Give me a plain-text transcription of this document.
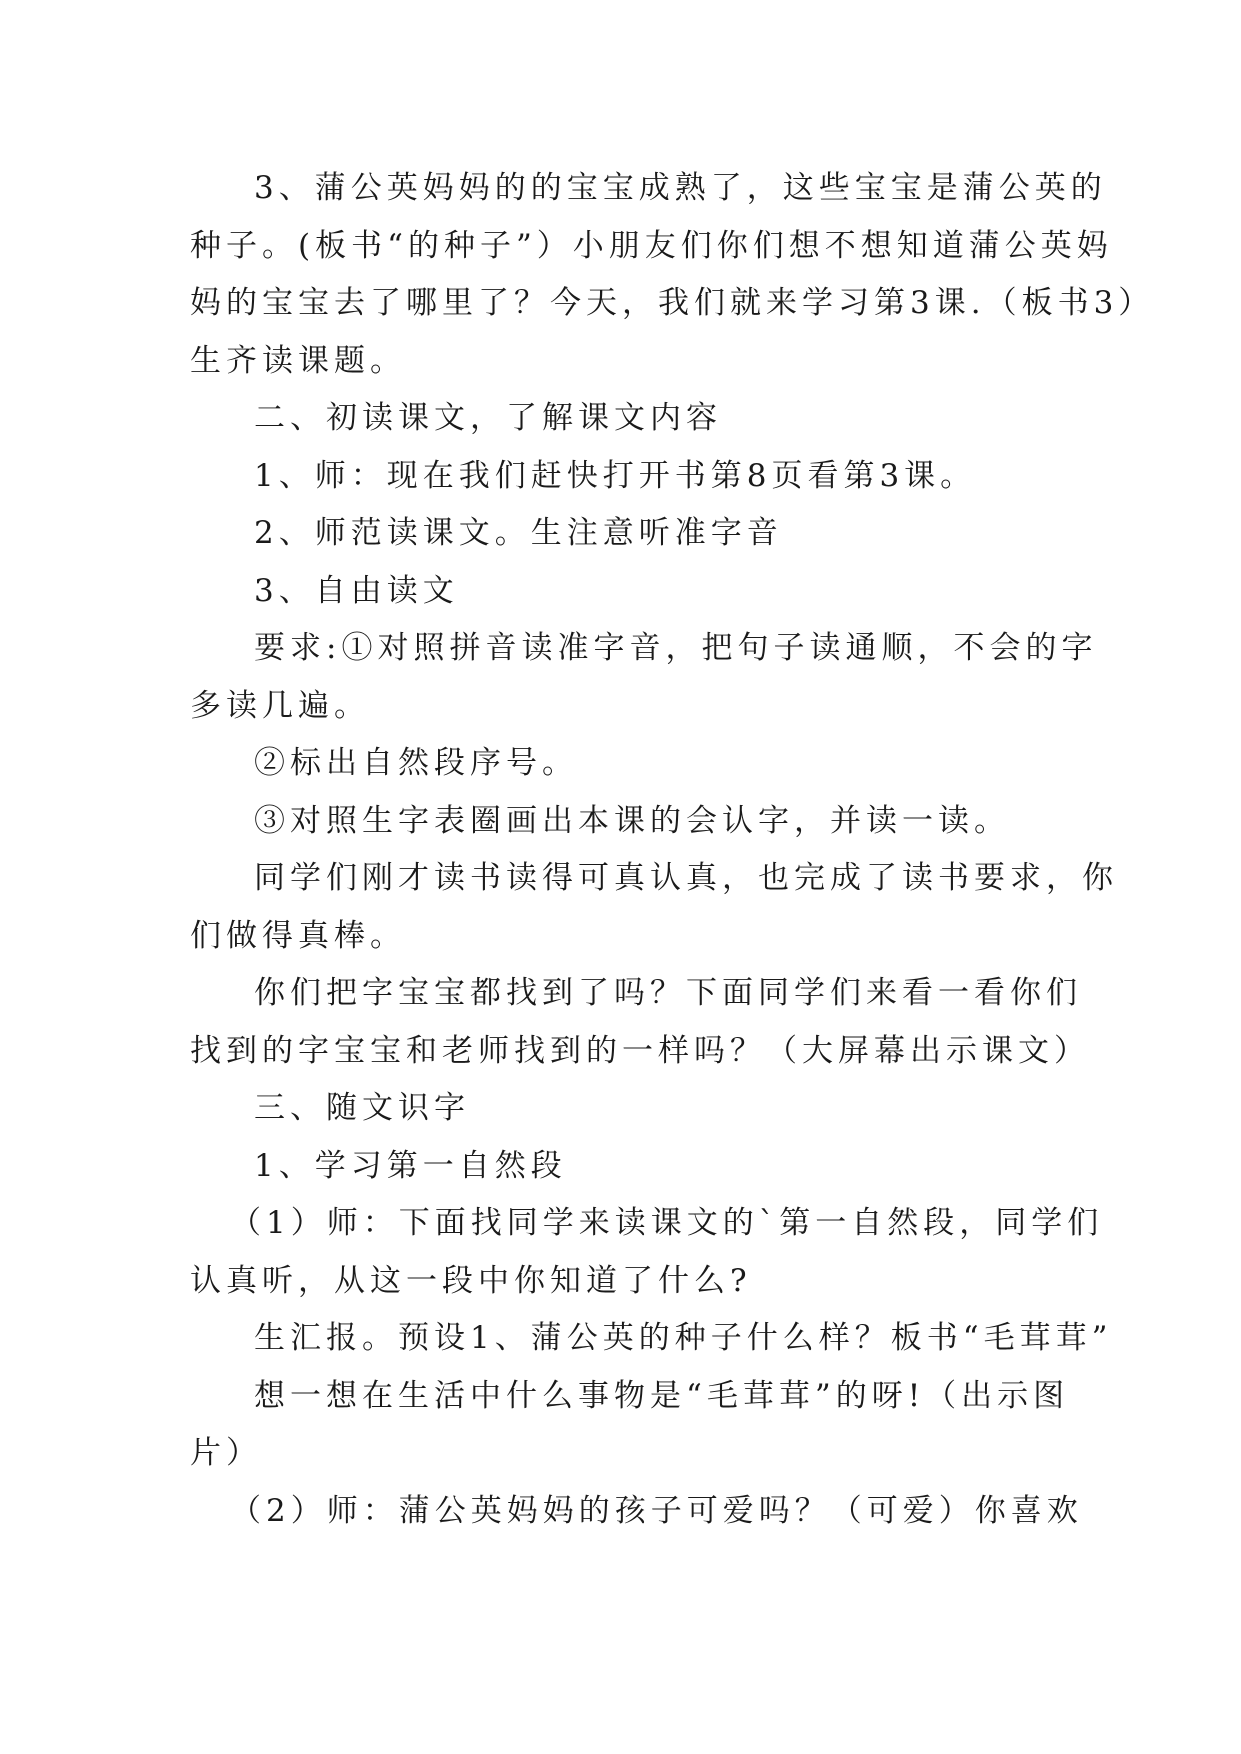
3、蒲公英妈妈的的宝宝成熟了，这些宝宝是蒲公英的
种子。(板书“的种子”）小朋友们你们想不想知道蒲公英妈
妈的宝宝去了哪里了？今天，我们就来学习第3课.（板书3）
生齐读课题。
二、初读课文，了解课文内容
1、师：现在我们赶快打开书第8页看第3课。
2、师范读课文。生注意听准字音
3、自由读文
要求:①对照拼音读准字音，把句子读通顺，不会的字
多读几遍。
②标出自然段序号。
③对照生字表圈画出本课的会认字，并读一读。
同学们刚才读书读得可真认真，也完成了读书要求，你
们做得真棒。
你们把字宝宝都找到了吗？下面同学们来看一看你们
找到的字宝宝和老师找到的一样吗？（大屏幕出示课文）
三、随文识字
1、学习第一自然段
（1）师：下面找同学来读课文的`第一自然段，同学们
认真听，从这一段中你知道了什么?
生汇报。预设1、蒲公英的种子什么样？板书“毛茸茸”
想一想在生活中什么事物是“毛茸茸”的呀!（出示图
片）
（2）师：蒲公英妈妈的孩子可爱吗？（可爱）你喜欢
